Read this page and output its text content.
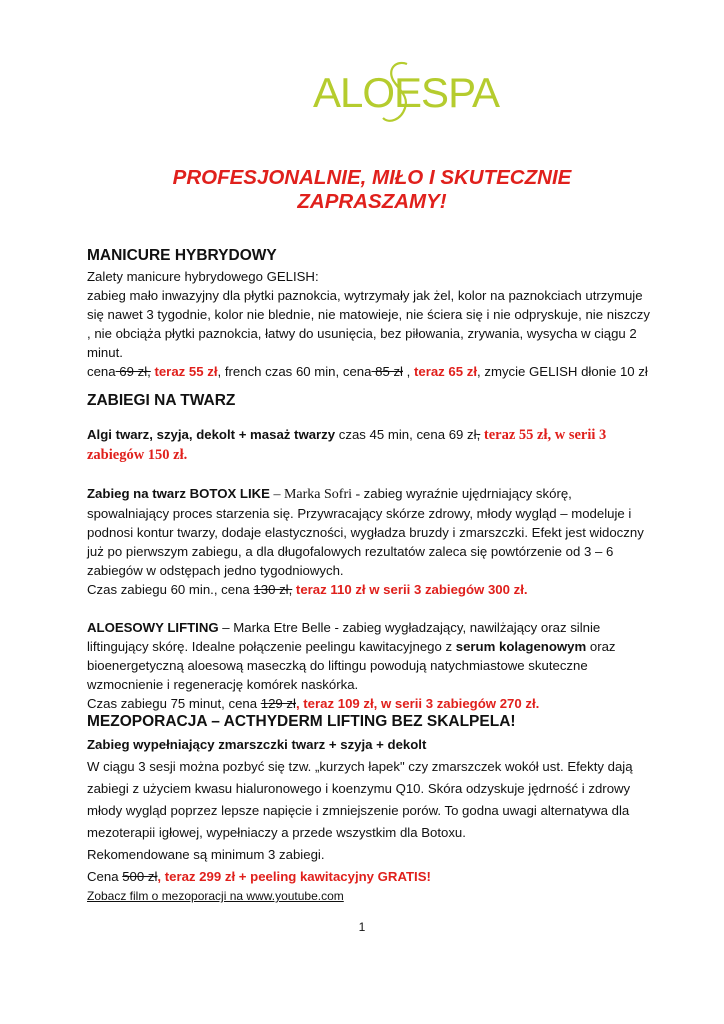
ALOESPA
PROFESJONALNIE, MIŁO I SKUTECZNIE
ZAPRASZAMY!
MANICURE HYBRYDOWY

Zalety manicure hybrydowego GELISH:

zabieg mało inwazyjny dla płytki paznokcia, wytrzymały jak żel, kolor na paznokciach utrzymuje się nawet 3 tygodnie, kolor nie blednie, nie matowieje, nie ściera się i nie odpryskuje, nie niszczy , nie obciąża płytki paznokcia, łatwy do usunięcia, bez piłowania, zrywania, wysycha w ciągu 2 minut.

cena 69 zł, teraz 55 zł, french czas 60 min, cena 85 zł , teraz 65 zł, zmycie GELISH dłonie 10 zł

ZABIEGI NA TWARZ

Algi twarz, szyja, dekolt + masaż twarzy czas 45 min, cena 69 zł, teraz 55 zł, w serii 3 zabiegów 150 zł.

Zabieg na twarz BOTOX LIKE – Marka Sofri - zabieg wyraźnie ujędrniający skórę, spowalniający proces starzenia się. Przywracający skórze zdrowy, młody wygląd – modeluje i podnosi kontur twarzy, dodaje elastyczności, wygładza bruzdy i zmarszczki. Efekt jest widoczny już po pierwszym zabiegu, a dla długofalowych rezultatów zaleca się powtórzenie od 3 – 6 zabiegów w odstępach jedno tygodniowych.

Czas zabiegu 60 min., cena 130 zł, teraz 110 zł w serii 3 zabiegów 300 zł.

ALOESOWY LIFTING – Marka Etre Belle - zabieg wygładzający, nawilżający oraz silnie liftingujący skórę. Idealne połączenie peelingu kawitacyjnego z serum kolagenowym oraz bioenergetyczną aloesową maseczką do liftingu powodują natychmiastowe skuteczne wzmocnienie i regenerację komórek naskórka.

Czas zabiegu 75 minut, cena 129 zł, teraz 109 zł, w serii 3 zabiegów 270 zł.

MEZOPORACJA – ACTHYDERM LIFTING BEZ SKALPELA!

Zabieg wypełniający zmarszczki twarz + szyja + dekolt

W ciągu 3 sesji można pozbyć się tzw. „kurzych łapek" czy zmarszczek wokół ust. Efekty dają zabiegi z użyciem kwasu hialuronowego i koenzymu Q10. Skóra odzyskuje jędrność i zdrowy młody wygląd poprzez lepsze napięcie i zmniejszenie porów. To godna uwagi alternatywa dla mezoterapii igłowej, wypełniaczy a przede wszystkim dla Botoxu.

Rekomendowane są minimum 3 zabiegi.

Cena 500 zł, teraz 299 zł + peeling kawitacyjny GRATIS!

Zobacz film o mezoporacji na www.youtube.com

1
